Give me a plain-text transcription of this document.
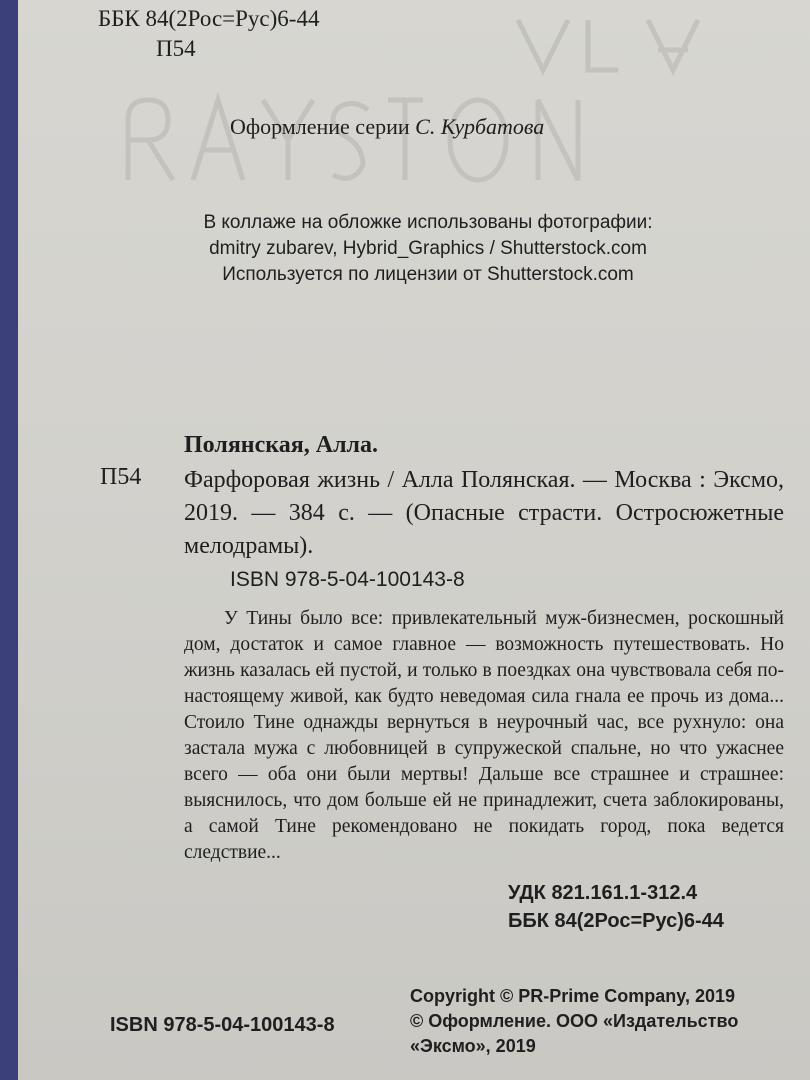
ББК 84(2Рос=Рус)6-44

П54

Оформление серии С. Курбатова

В коллаже на обложке использованы фотографии:
dmitry zubarev, Hybrid_Graphics / Shutterstock.com
Используется по лицензии от Shutterstock.com

Полянская, Алла.

П54 Фарфоровая жизнь / Алла Полянская. — Москва : Эксмо, 2019. — 384 с. — (Опасные страсти. Остросюжетные мелодрамы).

ISBN 978-5-04-100143-8

У Тины было все: привлекательный муж-бизнесмен, роскошный дом, достаток и самое главное — возможность путешествовать. Но жизнь казалась ей пустой, и только в поездках она чувствовала себя по-настоящему живой, как будто неведомая сила гнала ее прочь из дома... Стоило Тине однажды вернуться в неурочный час, все рухнуло: она застала мужа с любовницей в супружеской спальне, но что ужаснее всего — оба они были мертвы! Дальше все страшнее и страшнее: выяснилось, что дом больше ей не принадлежит, счета заблокированы, а самой Тине рекомендовано не покидать город, пока ведется следствие...

УДК 821.161.1-312.4

ББК 84(2Рос=Рус)6-44

Copyright © PR-Prime Company, 2019
© Оформление. ООО «Издательство
«Эксмо», 2019

ISBN 978-5-04-100143-8
